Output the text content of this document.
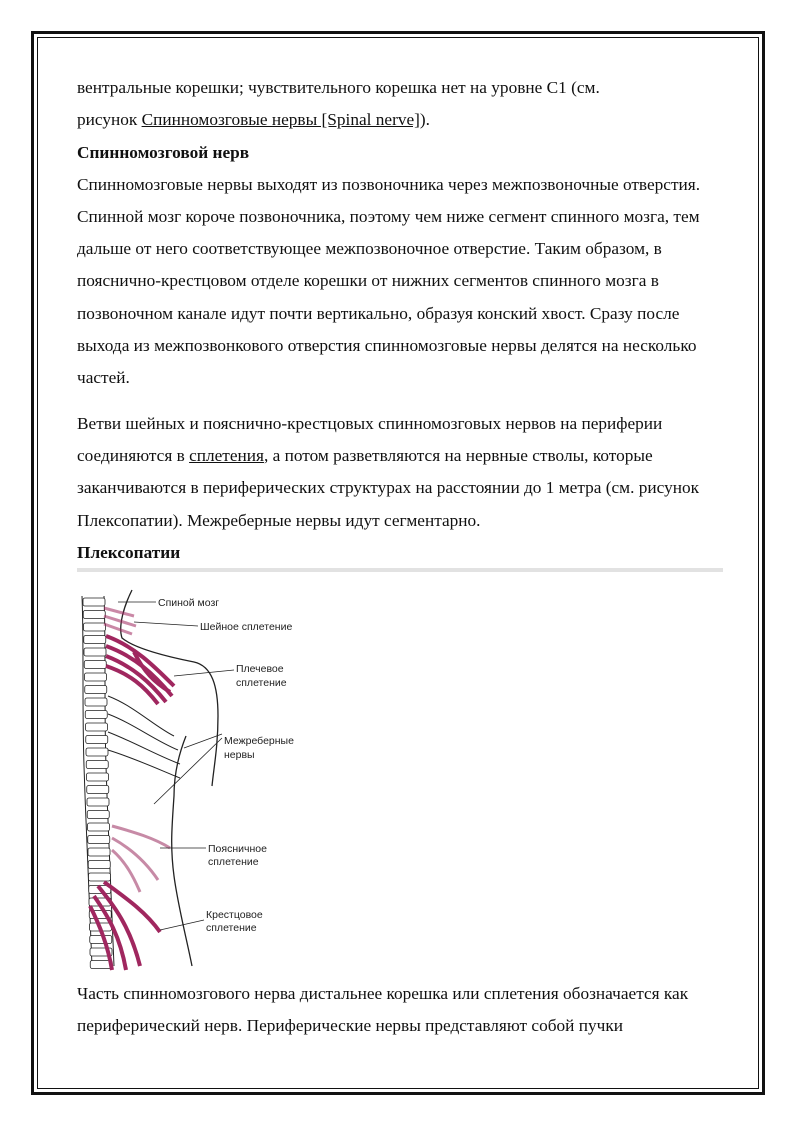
вентральные корешки; чувствительного корешка нет на уровне С1 (см.
рисунок Спинномозговые нервы [Spinal nerve]).

Спинномозговой нерв

Спинномозговые нервы выходят из позвоночника через межпозвоночные отверстия. Спинной мозг короче позвоночника, поэтому чем ниже сегмент спинного мозга, тем дальше от него соответствующее межпозвоночное отверстие. Таким образом, в пояснично-крестцовом отделе корешки от нижних сегментов спинного мозга в позвоночном канале идут почти вертикально, образуя конский хвост. Сразу после выхода из межпозвонкового отверстия спинномозговые нервы делятся на несколько частей.

Ветви шейных и пояснично-крестцовых спинномозговых нервов на периферии соединяются в сплетения, а потом разветвляются на нервные стволы, которые заканчиваются в периферических структурах на расстоянии до 1 метра (см. рисунок Плексопатии). Межреберные нервы идут сегментарно.

Плексопатии
Спиной мозг
Шейное сплетение
Плечевое
сплетение
Межреберные
нервы
Поясничное
сплетение
Крестцовое
сплетение

Часть спинномозгового нерва дистальнее корешка или сплетения обозначается как периферический нерв. Периферические нервы представляют собой пучки
